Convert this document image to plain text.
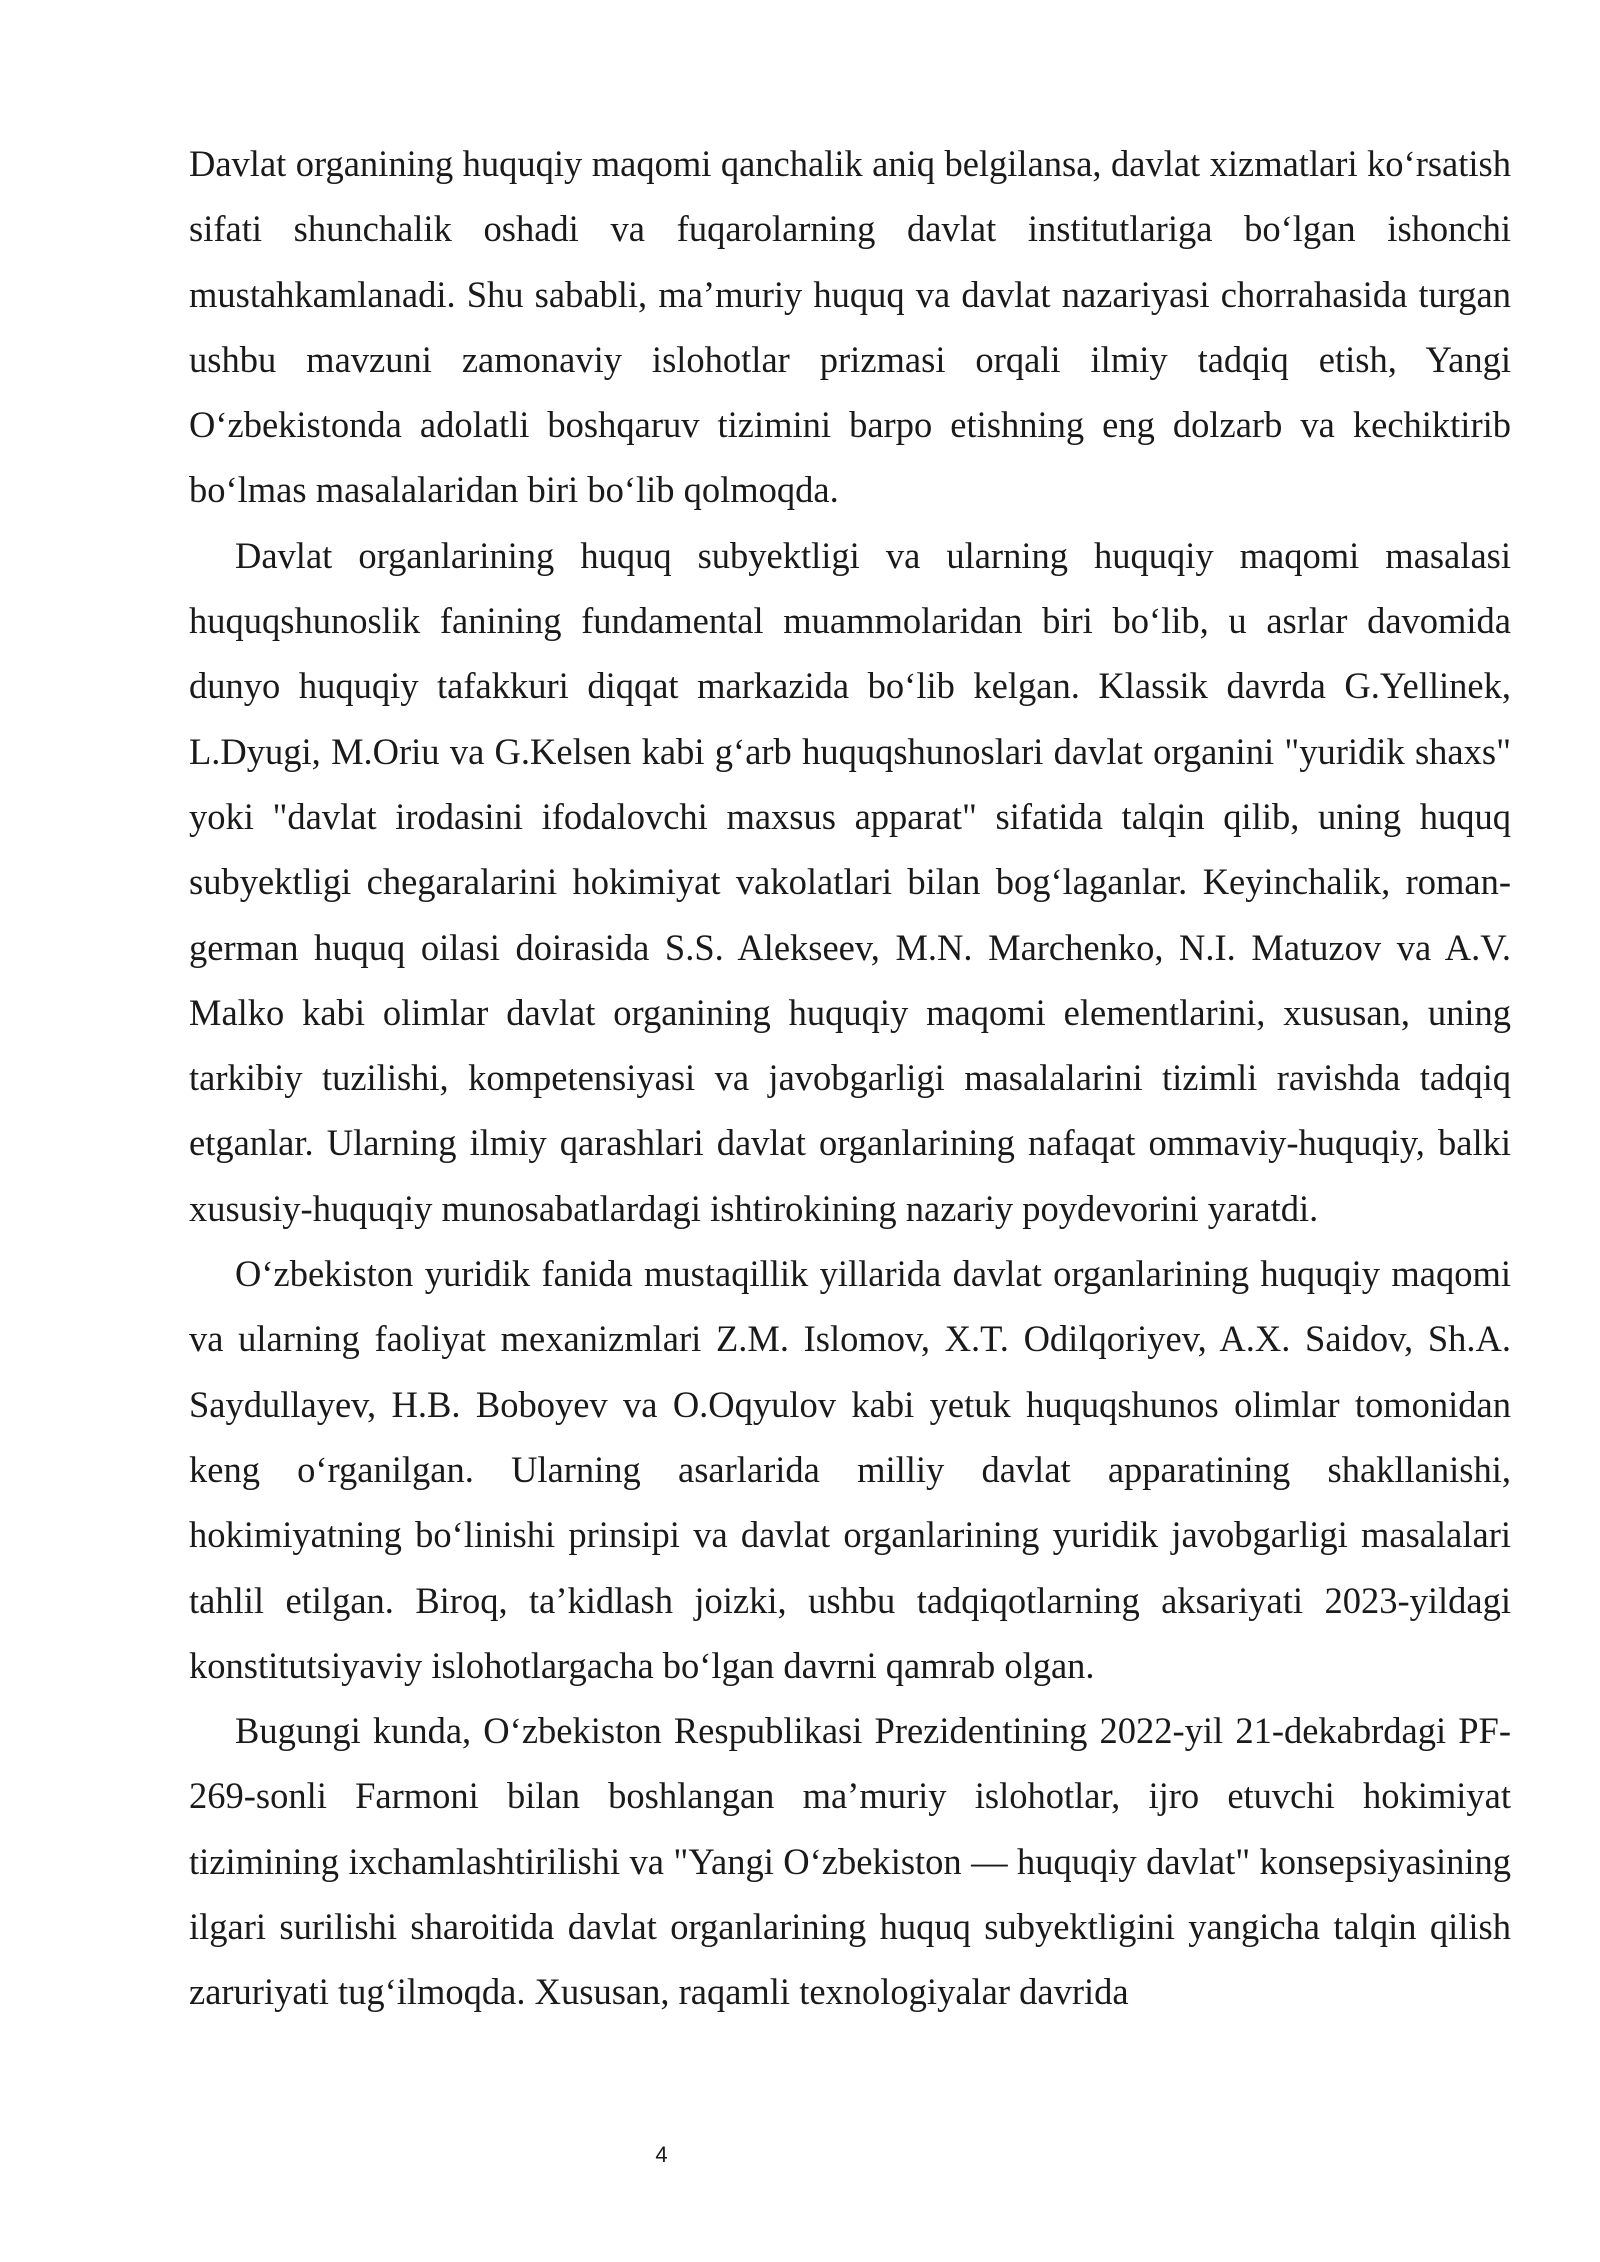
Davlat organining huquqiy maqomi qanchalik aniq belgilansa, davlat xizmatlari ko‘rsatish sifati shunchalik oshadi va fuqarolarning davlat institutlariga bo‘lgan ishonchi mustahkamlanadi. Shu sababli, ma’muriy huquq va davlat nazariyasi chorrahasida turgan ushbu mavzuni zamonaviy islohotlar prizmasi orqali ilmiy tadqiq etish, Yangi O‘zbekistonda adolatli boshqaruv tizimini barpo etishning eng dolzarb va kechiktirib bo‘lmas masalalaridan biri bo‘lib qolmoqda.

Davlat organlarining huquq subyektligi va ularning huquqiy maqomi masalasi huquqshunoslik fanining fundamental muammolaridan biri bo‘lib, u asrlar davomida dunyo huquqiy tafakkuri diqqat markazida bo‘lib kelgan. Klassik davrda G.Yellinek, L.Dyugi, M.Oriu va G.Kelsen kabi g‘arb huquqshunoslari davlat organini "yuridik shaxs" yoki "davlat irodasini ifodalovchi maxsus apparat" sifatida talqin qilib, uning huquq subyektligi chegaralarini hokimiyat vakolatlari bilan bog‘laganlar. Keyinchalik, roman-german huquq oilasi doirasida S.S. Alekseev, M.N. Marchenko, N.I. Matuzov va A.V. Malko kabi olimlar davlat organining huquqiy maqomi elementlarini, xususan, uning tarkibiy tuzilishi, kompetensiyasi va javobgarligi masalalarini tizimli ravishda tadqiq etganlar. Ularning ilmiy qarashlari davlat organlarining nafaqat ommaviy-huquqiy, balki xususiy-huquqiy munosabatlardagi ishtirokining nazariy poydevorini yaratdi.

O‘zbekiston yuridik fanida mustaqillik yillarida davlat organlarining huquqiy maqomi va ularning faoliyat mexanizmlari Z.M. Islomov, X.T. Odilqoriyev, A.X. Saidov, Sh.A. Saydullayev, H.B. Boboyev va O.Oqyulov kabi yetuk huquqshunos olimlar tomonidan keng o‘rganilgan. Ularning asarlarida milliy davlat apparatining shakllanishi, hokimiyatning bo‘linishi prinsipi va davlat organlarining yuridik javobgarligi masalalari tahlil etilgan. Biroq, ta’kidlash joizki, ushbu tadqiqotlarning aksariyati 2023-yildagi konstitutsiyaviy islohotlargacha bo‘lgan davrni qamrab olgan.

Bugungi kunda, O‘zbekiston Respublikasi Prezidentining 2022-yil 21-dekabrdagi PF-269-sonli Farmoni bilan boshlangan ma’muriy islohotlar, ijro etuvchi hokimiyat tizimining ixchamlashtirilishi va "Yangi O‘zbekiston — huquqiy davlat" konsepsiyasining ilgari surilishi sharoitida davlat organlarining huquq subyektligini yangicha talqin qilish zaruriyati tug‘ilmoqda. Xususan, raqamli texnologiyalar davrida

4
